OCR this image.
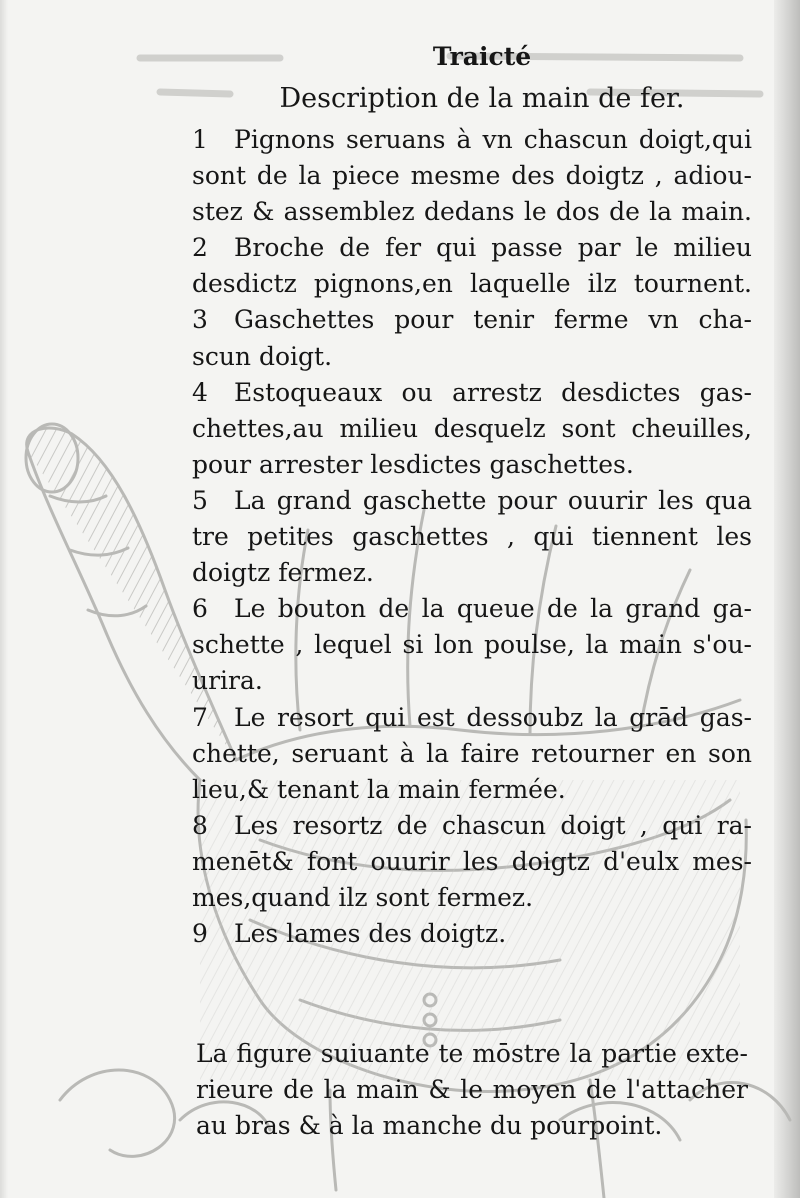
Traicté
Description de la main de fer.
1 Pignons seruans à vn chascun doigt,qui
sont de la piece mesme des doigtz , adiou-
stez & assemblez dedans le dos de la main.
2 Broche de fer qui passe par le milieu
desdictz pignons,en laquelle ilz tournent.
3 Gaschettes pour tenir ferme vn cha-
scun doigt.
4 Estoqueaux ou arrestz desdictes gas-
chettes,au milieu desquelz sont cheuilles,
pour arrester lesdictes gaschettes.
5 La grand gaschette pour ouurir les qua
tre petites gaschettes , qui tiennent les
doigtz fermez.
6 Le bouton de la queue de la grand ga-
schette , lequel si lon poulse, la main s'ou-
urira.
7 Le resort qui est dessoubz la grād gas-
chette, seruant à la faire retourner en son
lieu,& tenant la main fermée.
8 Les resortz de chascun doigt , qui ra-
menēt& font ouurir les doigtz d'eulx mes-
mes,quand ilz sont fermez.
9 Les lames des doigtz.
La figure suiuante te mōstre la partie exte-
rieure de la main & le moyen de l'attacher
au bras & à la manche du pourpoint.
